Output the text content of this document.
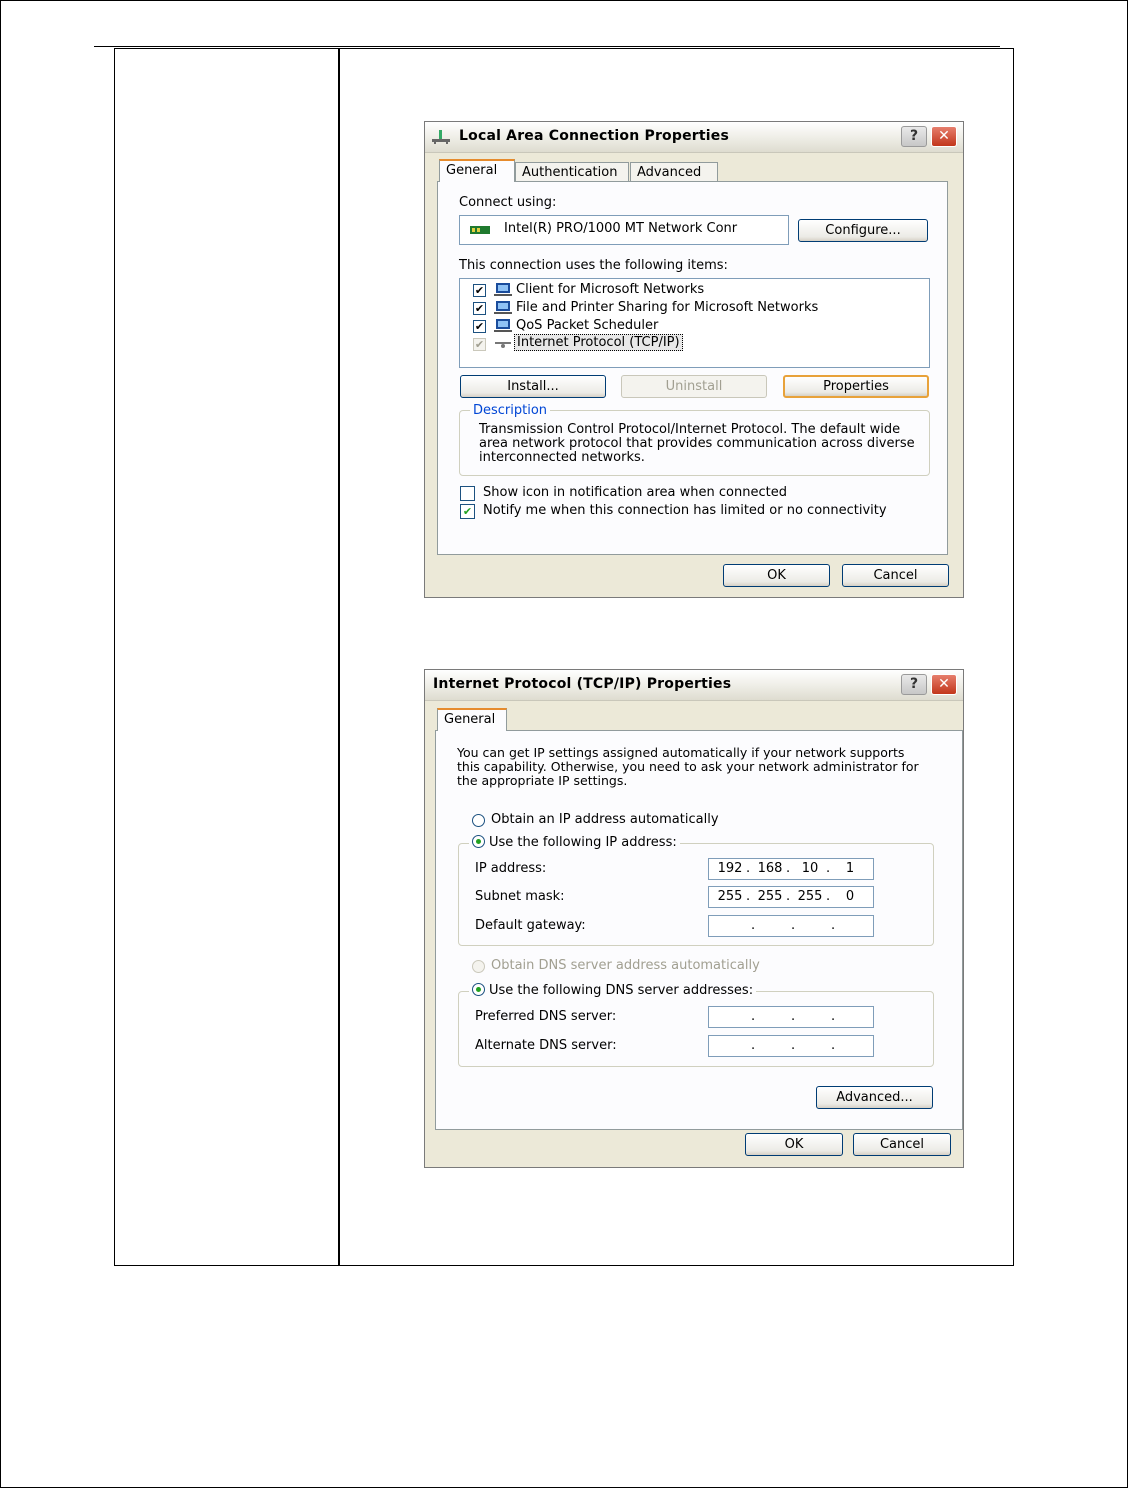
Local Area Connection Properties	?	✕
General	Authentication	Advanced
Connect using:
Intel(R) PRO/1000 MT Network Conr	Configure...
This connection uses the following items:
✔ Client for Microsoft Networks
✔ File and Printer Sharing for Microsoft Networks
✔ QoS Packet Scheduler
✔	Internet Protocol (TCP/IP)
Install...	Uninstall	Properties
Description
Transmission Control Protocol/Internet Protocol. The default wide area network protocol that provides communication across diverse interconnected networks.
Show icon in notification area when connected
✔ Notify me when this connection has limited or no connectivity
OK	Cancel
Internet Protocol (TCP/IP) Properties	?	✕
General
You can get IP settings assigned automatically if your network supports this capability. Otherwise, you need to ask your network administrator for the appropriate IP settings.
Obtain an IP address automatically
Use the following IP address:
IP address:	192 . 168 . 10 .	1
Subnet mask:	255 . 255 . 255 .	0
Default gateway:	.	.	.
Obtain DNS server address automatically
Use the following DNS server addresses:
Preferred DNS server:	.	.	.
Alternate DNS server:	.	.	.
Advanced...
OK	Cancel
